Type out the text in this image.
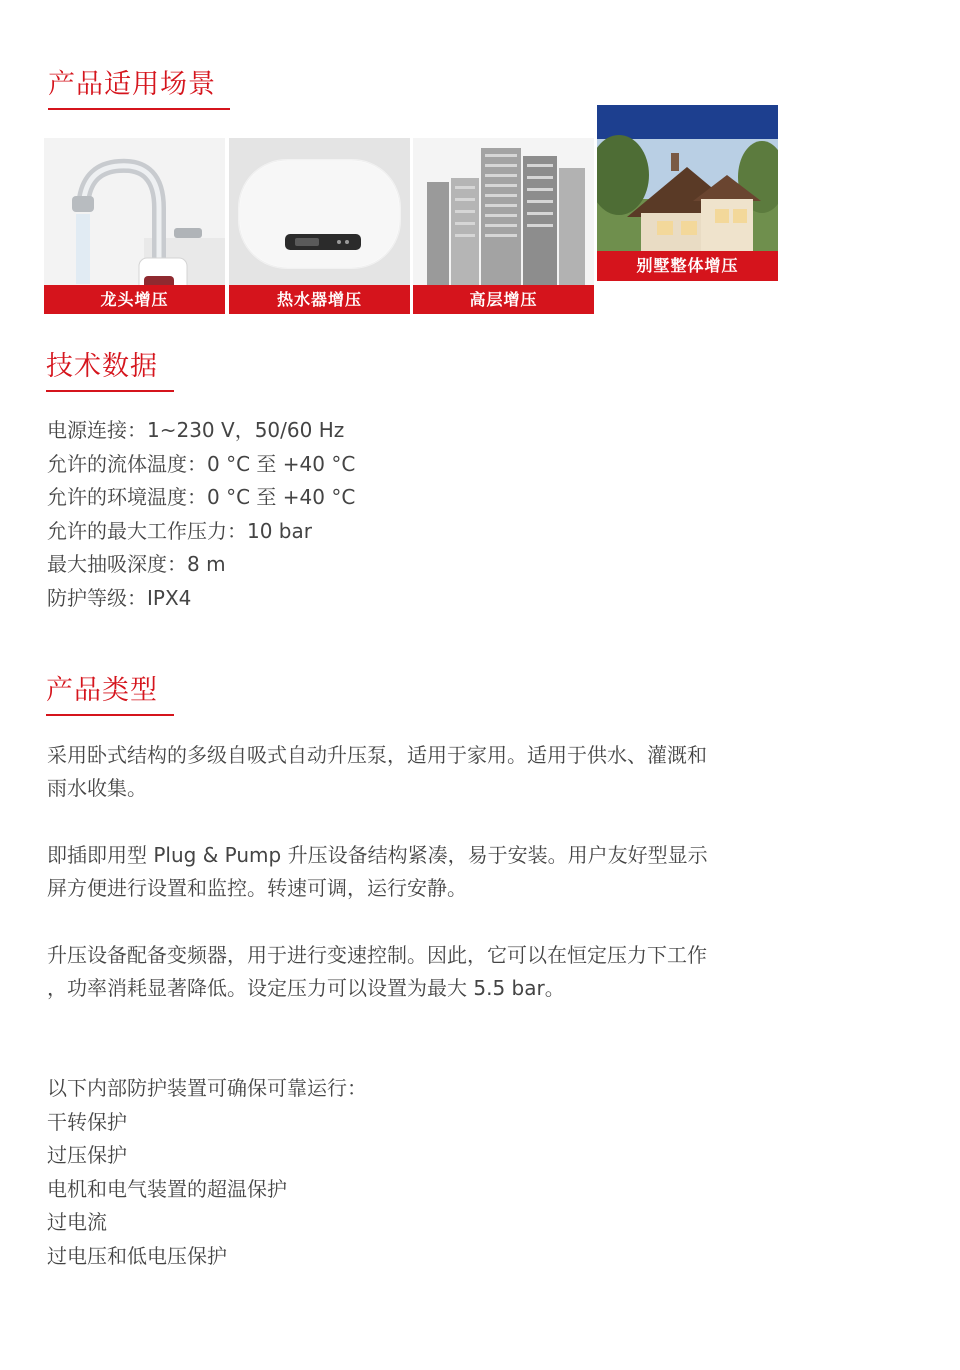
产品适用场景
龙头增压	热水器增压	高层增压
别墅整体增压
技术数据
电源连接：1~230 V，50/60 Hz
允许的流体温度：0 °C 至 +40 °C
允许的环境温度：0 °C 至 +40 °C
允许的最大工作压力：10 bar
最大抽吸深度：8 m
防护等级：IPX4
产品类型
采用卧式结构的多级自吸式自动升压泵，适用于家用。适用于供水、灌溉和
雨水收集。
即插即用型 Plug & Pump 升压设备结构紧凑，易于安装。用户友好型显示
屏方便进行设置和监控。转速可调，运行安静。
升压设备配备变频器，用于进行变速控制。因此，它可以在恒定压力下工作
，功率消耗显著降低。设定压力可以设置为最大 5.5 bar。
以下内部防护装置可确保可靠运行：
干转保护
过压保护
电机和电气装置的超温保护
过电流
过电压和低电压保护
